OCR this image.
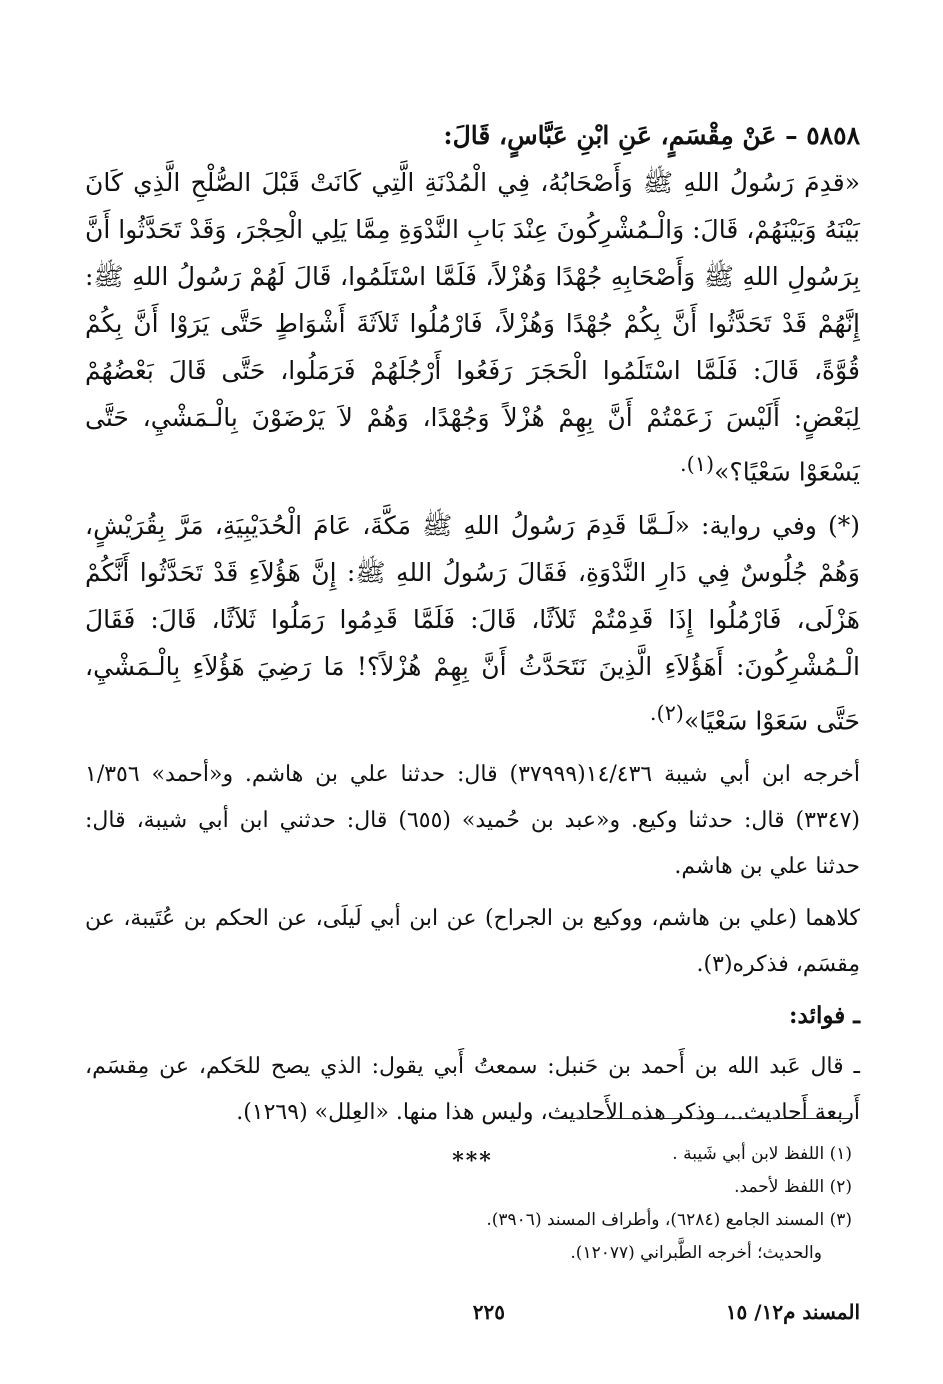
٥٨٥٨ – عَنْ مِقْسَمٍ، عَنِ ابْنِ عَبَّاسٍ، قَالَ:
«قدِمَ رَسُولُ اللهِ ﷺ وَأَصْحَابُهُ، فِي الْمُدْنَةِ الَّتِي كَانَتْ قَبْلَ الصُّلْحِ الَّذِي كَانَ بَيْنَهُ وَبَيْنَهُمْ، قَالَ: وَالْـمُشْرِكُونَ عِنْدَ بَابِ النَّدْوَةِ مِمَّا يَلِي الْحِجْرَ، وَقَدْ تَحَدَّثُوا أَنَّ بِرَسُولِ اللهِ ﷺ وَأَصْحَابِهِ جُهْدًا وَهُزْلاً، فَلَمَّا اسْتَلَمُوا، قَالَ لَهُمْ رَسُولُ اللهِ ﷺ: إِنَّهُمْ قَدْ تَحَدَّثُوا أَنَّ بِكُمْ جُهْدًا وَهُزْلاً، فَارْمُلُوا ثَلاَثَةَ أَشْوَاطٍ حَتَّى يَرَوْا أَنَّ بِكُمْ قُوَّةً، قَالَ: فَلَمَّا اسْتَلَمُوا الْحَجَرَ رَفَعُوا أَرْجُلَهُمْ فَرَمَلُوا، حَتَّى قَالَ بَعْضُهُمْ لِبَعْضٍ: أَلَيْسَ زَعَمْتُمْ أَنَّ بِهِمْ هُزْلاً وَجُهْدًا، وَهُمْ لاَ يَرْضَوْنَ بِالْـمَشْيِ، حَتَّى يَسْعَوْا سَعْيًا؟»$^{(١).}$

(*) وفي رواية: «لَـمَّا قَدِمَ رَسُولُ اللهِ ﷺ مَكَّةَ، عَامَ الْحُدَيْبِيَةِ، مَرَّ بِقُرَيْشٍ، وَهُمْ جُلُوسٌ فِي دَارِ النَّدْوَةِ، فَقَالَ رَسُولُ اللهِ ﷺ: إِنَّ هَؤُلاَءِ قَدْ تَحَدَّثُوا أَنَّكُمْ هَزْلَى، فَارْمُلُوا إِذَا قَدِمْتُمْ ثَلاَثًا، قَالَ: فَلَمَّا قَدِمُوا رَمَلُوا ثَلاَثًا، قَالَ: فَقَالَ الْـمُشْرِكُونَ: أَهَؤُلاَءِ الَّذِينَ نَتَحَدَّثُ أَنَّ بِهِمْ هُزْلاً؟! مَا رَضِيَ هَؤُلاَءِ بِالْـمَشْيِ، حَتَّى سَعَوْا سَعْيًا»$^{(٢).}$

أخرجه ابن أبي شيبة ١٤/٤٣٦(٣٧٩٩٩) قال: حدثنا علي بن هاشم. و«أحمد» ١/٣٥٦ (٣٣٤٧) قال: حدثنا وكيع. و«عبد بن حُميد» (٦٥٥) قال: حدثني ابن أبي شيبة، قال: حدثنا علي بن هاشم.

كلاهما (علي بن هاشم، ووكيع بن الجراح) عن ابن أبي لَيلَى، عن الحكم بن عُتَيبة، عن مِقسَم، فذكره(٣).

ـ فوائد:

ـ قال عَبد الله بن أَحمد بن حَنبل: سمعتُ أَبي يقول: الذي يصح للحَكم، عن مِقسَم، أَربعة أَحاديث..، وذكر هذه الأَحاديث، وليس هذا منها. «العِلل» (١٢٦٩).

***	(١) اللفظ لابن أبي شَيبة .
(٢) اللفظ لأحمد.
(٣) المسند الجامع (٦٢٨٤)، وأطراف المسند (٣٩٠٦).
والحديث؛ أخرجه الطَّبراني (١٢٠٧٧).
المسند م١٢/ ١٥
٢٢٥
